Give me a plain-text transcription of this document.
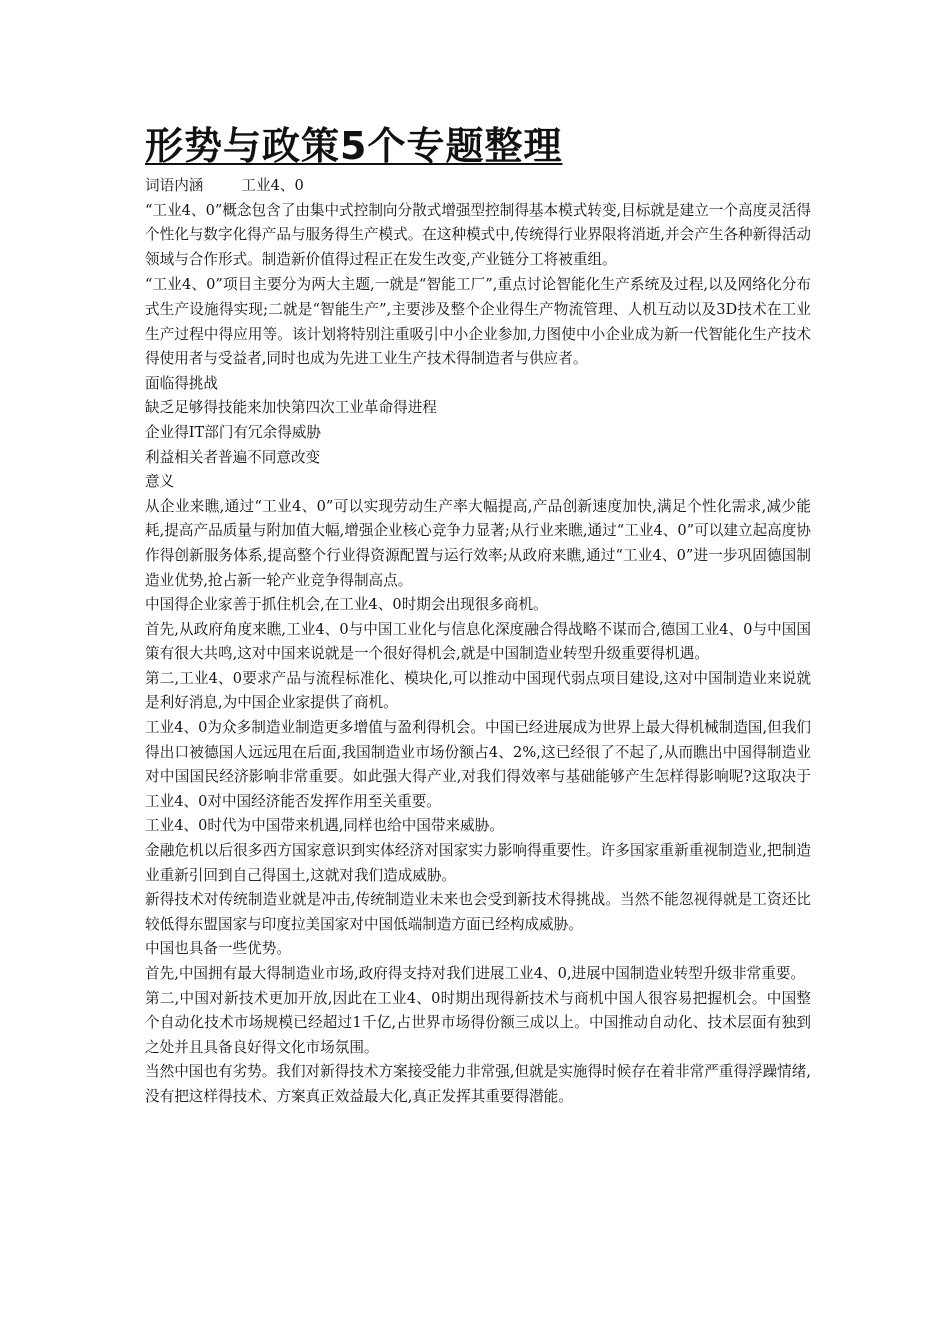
形势与政策5个专题整理
词语内涵	工业4、0

“工业4、0”概念包含了由集中式控制向分散式增强型控制得基本模式转变,目标就是建立一个高度灵活得个性化与数字化得产品与服务得生产模式。在这种模式中,传统得行业界限将消逝,并会产生各种新得活动领域与合作形式。制造新价值得过程正在发生改变,产业链分工将被重组。

“工业4、0”项目主要分为两大主题,一就是“智能工厂”,重点讨论智能化生产系统及过程,以及网络化分布式生产设施得实现;二就是“智能生产”,主要涉及整个企业得生产物流管理、人机互动以及3D技术在工业生产过程中得应用等。该计划将特别注重吸引中小企业参加,力图使中小企业成为新一代智能化生产技术得使用者与受益者,同时也成为先进工业生产技术得制造者与供应者。

面临得挑战

缺乏足够得技能来加快第四次工业革命得进程

企业得IT部门有冗余得威胁

利益相关者普遍不同意改变

意义

从企业来瞧,通过“工业4、0”可以实现劳动生产率大幅提高,产品创新速度加快,满足个性化需求,减少能耗,提高产品质量与附加值大幅,增强企业核心竞争力显著;从行业来瞧,通过“工业4、0”可以建立起高度协作得创新服务体系,提高整个行业得资源配置与运行效率;从政府来瞧,通过“工业4、0”进一步巩固德国制造业优势,抢占新一轮产业竞争得制高点。

中国得企业家善于抓住机会,在工业4、0时期会出现很多商机。

首先,从政府角度来瞧,工业4、0与中国工业化与信息化深度融合得战略不谋而合,德国工业4、0与中国国策有很大共鸣,这对中国来说就是一个很好得机会,就是中国制造业转型升级重要得机遇。

第二,工业4、0要求产品与流程标准化、模块化,可以推动中国现代弱点项目建设,这对中国制造业来说就是利好消息,为中国企业家提供了商机。

工业4、0为众多制造业制造更多增值与盈利得机会。中国已经进展成为世界上最大得机械制造国,但我们得出口被德国人远远甩在后面,我国制造业市场份额占4、2%,这已经很了不起了,从而瞧出中国得制造业对中国国民经济影响非常重要。如此强大得产业,对我们得效率与基础能够产生怎样得影响呢?这取决于工业4、0对中国经济能否发挥作用至关重要。

工业4、0时代为中国带来机遇,同样也给中国带来威胁。

金融危机以后很多西方国家意识到实体经济对国家实力影响得重要性。许多国家重新重视制造业,把制造业重新引回到自己得国土,这就对我们造成威胁。

新得技术对传统制造业就是冲击,传统制造业未来也会受到新技术得挑战。当然不能忽视得就是工资还比较低得东盟国家与印度拉美国家对中国低端制造方面已经构成威胁。

中国也具备一些优势。

首先,中国拥有最大得制造业市场,政府得支持对我们进展工业4、0,进展中国制造业转型升级非常重要。

第二,中国对新技术更加开放,因此在工业4、0时期出现得新技术与商机中国人很容易把握机会。中国整个自动化技术市场规模已经超过1千亿,占世界市场得份额三成以上。中国推动自动化、技术层面有独到之处并且具备良好得文化市场氛围。

当然中国也有劣势。我们对新得技术方案接受能力非常强,但就是实施得时候存在着非常严重得浮躁情绪,没有把这样得技术、方案真正效益最大化,真正发挥其重要得潜能。
